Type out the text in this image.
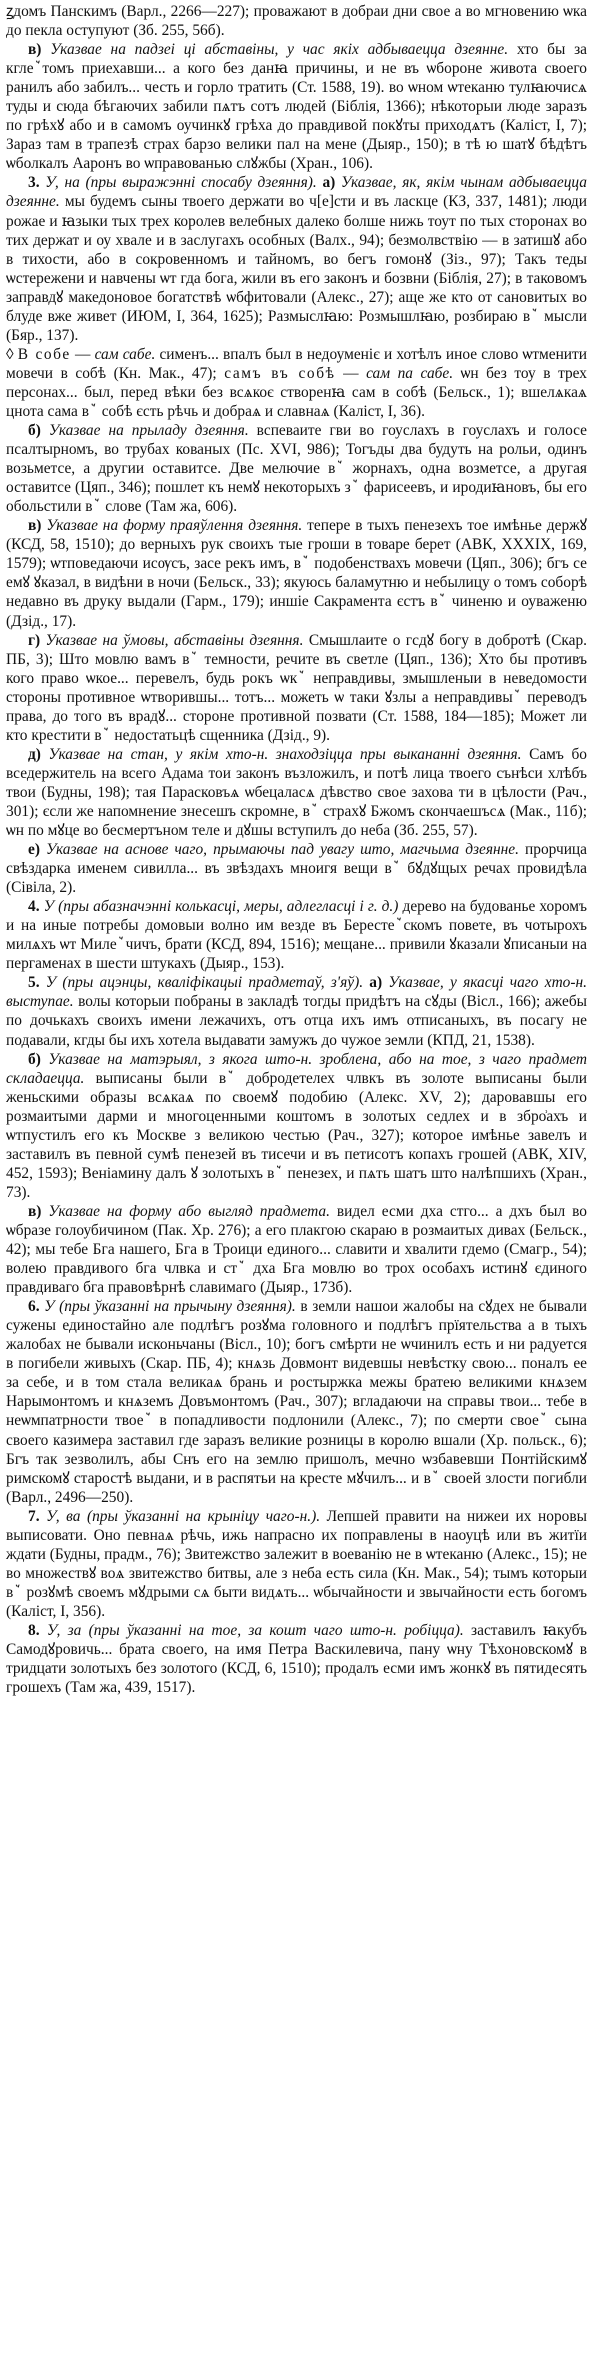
ꙁдомъ Панскимъ (Варл., 2266—227); проважают в добраи дни свое а во мгновению ѡка до пекла оступуют (Зб. 255, 56б).

в) Указвае на падзеі ці абставіны, у час якіх адбываецца дзеянне. хто бы за кглеꙿтомъ приехавши... а кого без данꙗ причины, и не въ ѡбороне живота своего ранилъ або забилъ... честь и горло тратить (Ст. 1588, 19). во ѡном ѡтеканю тулꙗючисѧ туды и сюда бѣгаючих забили пѧтъ сотъ людей (Біблія, 1366); нѣкоторыи люде заразъ по грѣхꙋ або и в самомъ оучинкꙋ грѣха до правдивой покꙋты приходѧтъ (Каліст, I, 7); Зараз там в трапезѣ страх барзо велики пал на мене (Дыяр., 150); в тѣ ю шатꙋ бѣдѣтъ ѡболкалъ Ааронъ во ѡправованью слꙋжбы (Хран., 106).

3. У, на (пры выражэнні спосабу дзеяння). а) Указвае, як, якім чынам адбываецца дзеянне. мы будемъ сыны твоего держати во ч[е]сти и въ ласкце (КЗ, 337, 1481); люди рожае и ꙗзыки тых трех королев велебных далеко болше нижь тоут по тых сторонах во тих держат и оу хвале и в заслугахъ особных (Валх., 94); безмолвствію — в затишꙋ або в тихости, або в сокровенномъ и тайномъ, во бегъ гомонꙋ (Зіз., 97); Такъ теды ѡстережени и навчены ѡт гда бога, жили въ его законъ и бозвни (Біблія, 27); в таковомъ заправдꙋ македоновое богатствѣ ѡбфитовали (Алекс., 27); аще же кто от сановитых во блуде вже живет (ИЮМ, I, 364, 1625); Размыслꙗю: Розмышлꙗю, розбираю вꙿ мысли (Бяр., 137).

◊ В собе — сам сабе. сименъ... впалъ был в недоуменіє и хотѣлъ иное слово ѡтменити мовечи в собѣ (Кн. Мак., 47); самъ въ собѣ — сам па сабе. ѡн без тоу в трех персонах... был, перед вѣки без всѧкоє створенꙗ сам в собѣ (Бельск., 1); вшелѧкаѧ цнота сама вꙿ собѣ єсть рѣчь и добраѧ и славнаѧ (Каліст, I, 36).

б) Указвае на прыладу дзеяння. вспеваите гви во гоуслахъ в гоуслахъ и голосе псалтырномъ, во трубах кованых (Пс. XVI, 986); Тогъды два будуть на рольи, одинъ возьметсе, а другии оставитсе. Две мелючие вꙿ жорнахъ, одна возметсе, а другая оставитсе (Цяп., 346); пошлет къ немꙋ некоторыхъ зꙿ фарисеевъ, и иродиꙗновъ, бы его обольстили вꙿ слове (Там жа, 606).

в) Указвае на форму праяўлення дзеяння. тепере в тыхъ пенезехъ тое имѣнье держꙋ (КСД, 58, 1510); до верныхъ рук своихъ тые гроши в товаре берет (АВК, XXXIX, 169, 1579); ѡтповедаючи исѹсъ, засе рекъ имъ, вꙿ подобенствахъ мовечи (Цяп., 306); бгъ се емꙋ ꙋказал, в видѣни в ночи (Бельск., 33); якуюсь баламутню и небылицу о томъ соборѣ недавно въ друку выдали (Гарм., 179); иншіе Сакрамента єстъ вꙿ чиненю и оуваженю (Дзід., 17).

г) Указвае на ўмовы, абставіны дзеяння. Смышлаите о гсдꙋ богу в добротѣ (Скар. ПБ, 3); Што мовлю вамъ вꙿ темности, речите въ светле (Цяп., 136); Хто бы противъ кого право ѡкое... перевелъ, будь рокъ ѡкꙿ неправдивы, змышленыи в неведомости стороны противное ѡтворившы... тотъ... можеть ѡ таки ꙋзлы а неправдивыꙿ переводъ права, до того въ врадꙋ... стороне противной позвати (Ст. 1588, 184—185); Может ли кто крестити вꙿ недостатьцѣ сщенника (Дзід., 9).

д) Указвае на стан, у якім хто-н. знаходзіцца пры выкананні дзеяння. Самъ бо вседержитель на всего Адама тои законъ възложилъ, и потѣ лица твоего сънѣси хлѣбъ твои (Будны, 198); тая Парасковъѧ ѡбецаласѧ дѣвство свое захова ти в цѣлости (Рач., 301); єсли же напомнение знесешъ скромне, вꙿ страхꙋ Бжомъ скончаешъсѧ (Мак., 11б); ѡн по мꙋце во бесмертъном теле и дꙋшы вступилъ до неба (Зб. 255, 57).

е) Указвае на аснове чаго, прымаючы пад увагу што, магчыма дзеянне. прорчица свѣздарка именем сивилла... въ звѣздахъ мноигя вещи вꙿ бꙋдꙋщых речах провидѣла (Сівіла, 2).

4. У (пры абазначэнні колькасці, меры, адлегласці і г. д.) дерево на будованье хоромъ и на иные потребы домовыи волно им везде въ Берестеꙿскомъ повете, въ чотырохъ милѧхъ ѡт Милеꙿчичъ, брати (КСД, 894, 1516); мещане... привили ꙋказали ꙋписаныи на пергаменах в шести штукахъ (Дыяр., 153).

5. У (пры ацэнцы, кваліфікацыі прадметаў, з'яў). а) Указвае, у якасці чаго хто-н. выступае. волы которыи побраны в закладѣ тогды придѣтъ на сꙋды (Вісл., 166); ажебы по дочькахъ своихъ имени лежачихъ, отъ отца ихъ имъ отписаныхъ, въ посагу не подавали, кгды бы ихъ хотела выдавати замужъ до чужое земли (КПД, 21, 1538).

б) Указвае на матэрыял, з якога што-н. зроблена, або на тое, з чаго прадмет складаецца. выписаны были вꙿ добродетелех члвкъ въ золоте выписаны были женьскими образы всѧкаѧ по своемꙋ подобию (Алекс. XV, 2); даровавшы его розмаитыми дарми и многоценными коштомъ в золотых седлех и в збро͗ахъ и ѡтпустилъ его къ Москве з великою честью (Рач., 327); которое имѣнье завелъ и заставилъ въ певной сумѣ пенезей въ тисечи и въ петисотъ копахъ грошей (АВК, XIV, 452, 1593); Веніамину далъ ꙋ золотыхъ вꙿ пенезех, и пѧть шатъ што налѣпшихъ (Хран., 73).

в) Указвае на форму або выгляд прадмета. видел есми дха стго... а дхъ был во ѡбразе голоубичином (Пак. Хр. 276); а его плакгою скараю в розмаитых дивах (Бельск., 42); мы тебе Бга нашего, Бга в Троици единого... славити и хвалити гдемо (Смагр., 54); волею правдивого бга члвка и стꙿ дха Бга мовлю во трох особахъ истинꙋ єдиного правдиваго бга правовѣрнѣ славимаго (Дыяр., 173б).

6. У (пры ўказанні на прычыну дзеяння). в земли нашои жалобы на сꙋдех не бывали сужены единостайно але подлѣгъ розꙋма головного и подлѣгъ прїятельства а в тыхъ жалобах не бывали исконьчаны (Вісл., 10); богъ смѣрти не ѡчинилъ есть и ни радуется в погибели живыхъ (Скар. ПБ, 4); кнѧзь Довмонт видевшы невѣстку свою... поналъ ее за себе, и в том стала великаѧ брань и ростыржка межы братею великими кнѧзем Нарымонтомъ и кнѧземъ Довъмонтомъ (Рач., 307); вгладаючи на справы твои... тебе в неѡмпатрности твоеꙿ в попадливости подлонили (Алекс., 7); по смерти своеꙿ сына своего казимера заставил где заразъ великие розницы в королю вшали (Хр. польск., 6); Бгъ так зезволилъ, абы Снъ его на землю пришолъ, мечно ѡзбавевши Понтійскимꙋ римскомꙋ старостѣ выдани, и в распятьи на кресте мꙋчилъ... и вꙿ своей злости погибли (Варл., 2496—250).

7. У, ва (пры ўказанні на крыніцу чаго-н.). Лепшей правити на нижеи их норовы выписовати. Оно певнаѧ рѣчь, ижь напрасно их поправлены в наоуцѣ или въ житїи ждати (Будны, прадм., 76); Звитежство залежит в вoеванію не в ѡтеканю (Алекс., 15); не во множествꙋ воѧ звитежство битвы, але з неба есть сила (Кн. Мак., 54); тымъ которыи вꙿ розꙋмѣ своемъ мꙋдрыми сѧ быти видѧть... ѡбычайности и звычайности есть богомъ (Каліст, I, 356).

8. У, за (пры ўказанні на тое, за кошт чаго што-н. робіцца). заставилъ ꙗкубъ Самодꙋровичь... брата своего, на имя Петра Васкилевича, пану ѡну Тѣхоновскомꙋ в тридцати золотыхъ без золотого (КСД, 6, 1510); продалъ есми имъ жонкꙋ въ пятидесять грошехъ (Там жа, 439, 1517).
